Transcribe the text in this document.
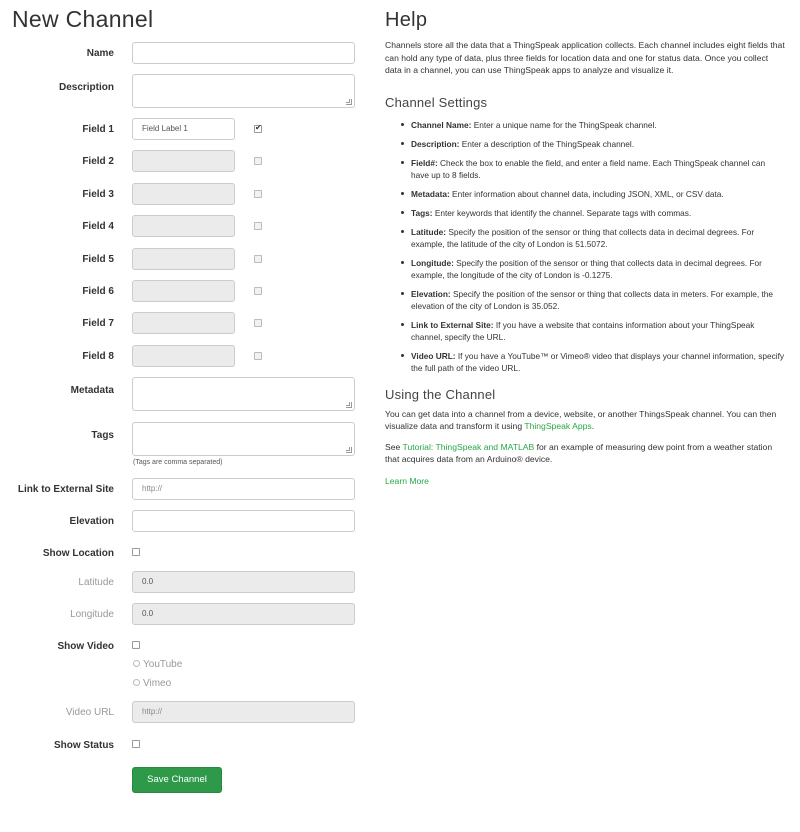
New Channel
Name
Description
Field 1	Field Label 1	✔
Field 2
Field 3
Field 4
Field 5
Field 6
Field 7
Field 8
Metadata
Tags
(Tags are comma separated)
Link to External Site	http://
Elevation
Show Location
Latitude	0.0
Longitude	0.0
Show Video
YouTube
Vimeo
Video URL	http://
Show Status
Save Channel
Help

Channels store all the data that a ThingSpeak application collects. Each channel includes eight fields that can hold any type of data, plus three fields for location data and one for status data. Once you collect data in a channel, you can use ThingSpeak apps to analyze and visualize it.

Channel Settings
Channel Name: Enter a unique name for the ThingSpeak channel.
Description: Enter a description of the ThingSpeak channel.
Field#: Check the box to enable the field, and enter a field name. Each ThingSpeak channel can have up to 8 fields.
Metadata: Enter information about channel data, including JSON, XML, or CSV data.
Tags: Enter keywords that identify the channel. Separate tags with commas.
Latitude: Specify the position of the sensor or thing that collects data in decimal degrees. For example, the latitude of the city of London is 51.5072.
Longitude: Specify the position of the sensor or thing that collects data in decimal degrees. For example, the longitude of the city of London is -0.1275.
Elevation: Specify the position of the sensor or thing that collects data in meters. For example, the elevation of the city of London is 35.052.
Link to External Site: If you have a website that contains information about your ThingSpeak channel, specify the URL.
Video URL: If you have a YouTube™ or Vimeo® video that displays your channel information, specify the full path of the video URL.
Using the Channel

You can get data into a channel from a device, website, or another ThingsSpeak channel. You can then visualize data and transform it using ThingSpeak Apps.

See Tutorial: ThingSpeak and MATLAB for an example of measuring dew point from a weather station that acquires data from an Arduino® device.

Learn More
